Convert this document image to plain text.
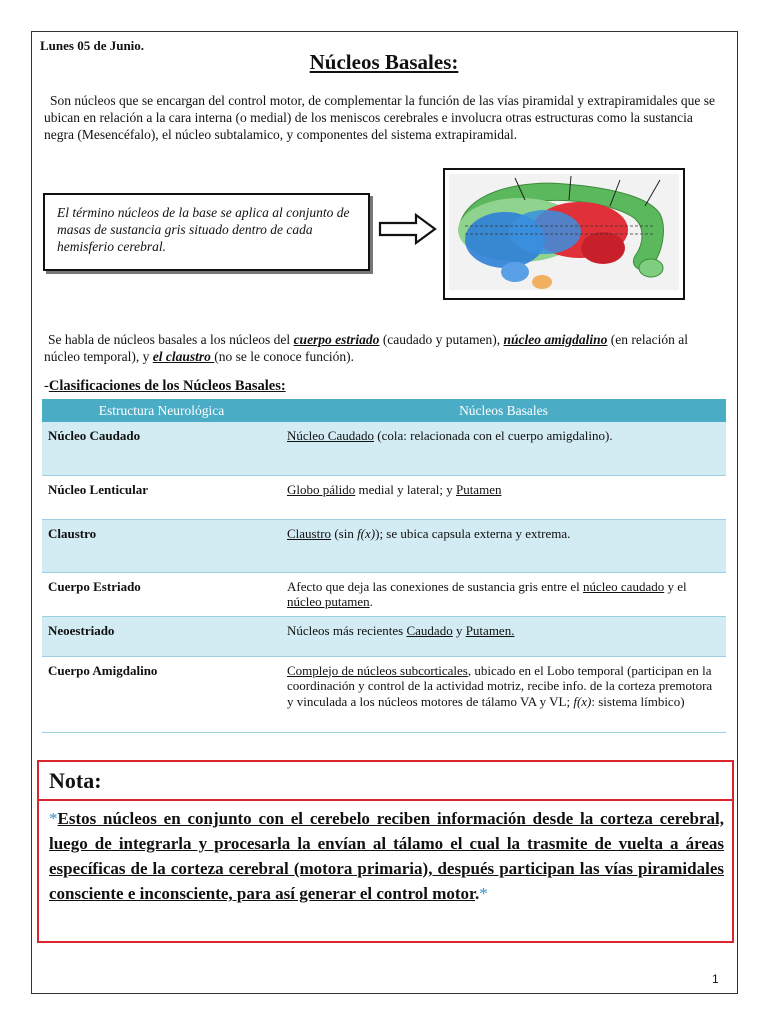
Lunes 05 de Junio.
Núcleos Basales:
Son núcleos que se encargan del control motor, de complementar la función de las vías piramidal y extrapiramidales que se ubican en relación a la cara interna (o medial) de los meniscos cerebrales e involucra otras estructuras como la sustancia negra (Mesencéfalo), el núcleo subtalamico, y componentes del sistema extrapiramidal.
El término núcleos de la base se aplica al conjunto de masas de sustancia gris situado dentro de cada hemisferio cerebral.
Se habla de núcleos basales a los núcleos del cuerpo estriado (caudado y putamen), núcleo amigdalino (en relación al núcleo temporal), y el claustro (no se le conoce función).
-Clasificaciones de los Núcleos Basales:
Estructura Neurológica	Núcleos Basales
Núcleo Caudado	Núcleo Caudado (cola: relacionada con el cuerpo amigdalino).
Núcleo Lenticular	Globo pálido medial y lateral; y Putamen
Claustro	Claustro (sin f(x)); se ubica capsula externa y extrema.
Cuerpo Estriado	Afecto que deja las conexiones de sustancia gris entre el núcleo caudado y el núcleo putamen.
Neoestriado	Núcleos más recientes Caudado y Putamen.
Cuerpo Amigdalino	Complejo de núcleos subcorticales, ubicado en el Lobo temporal (participan en la coordinación y control de la actividad motriz, recibe info. de la corteza premotora y vinculada a los núcleos motores de tálamo VA y VL; f(x): sistema límbico)
Nota:
*Estos núcleos en conjunto con el cerebelo reciben información desde la corteza cerebral, luego de integrarla y procesarla la envían al tálamo el cual la trasmite de vuelta a áreas específicas de la corteza cerebral (motora primaria), después participan las vías piramidales consciente e inconsciente, para así generar el control motor.*
1
